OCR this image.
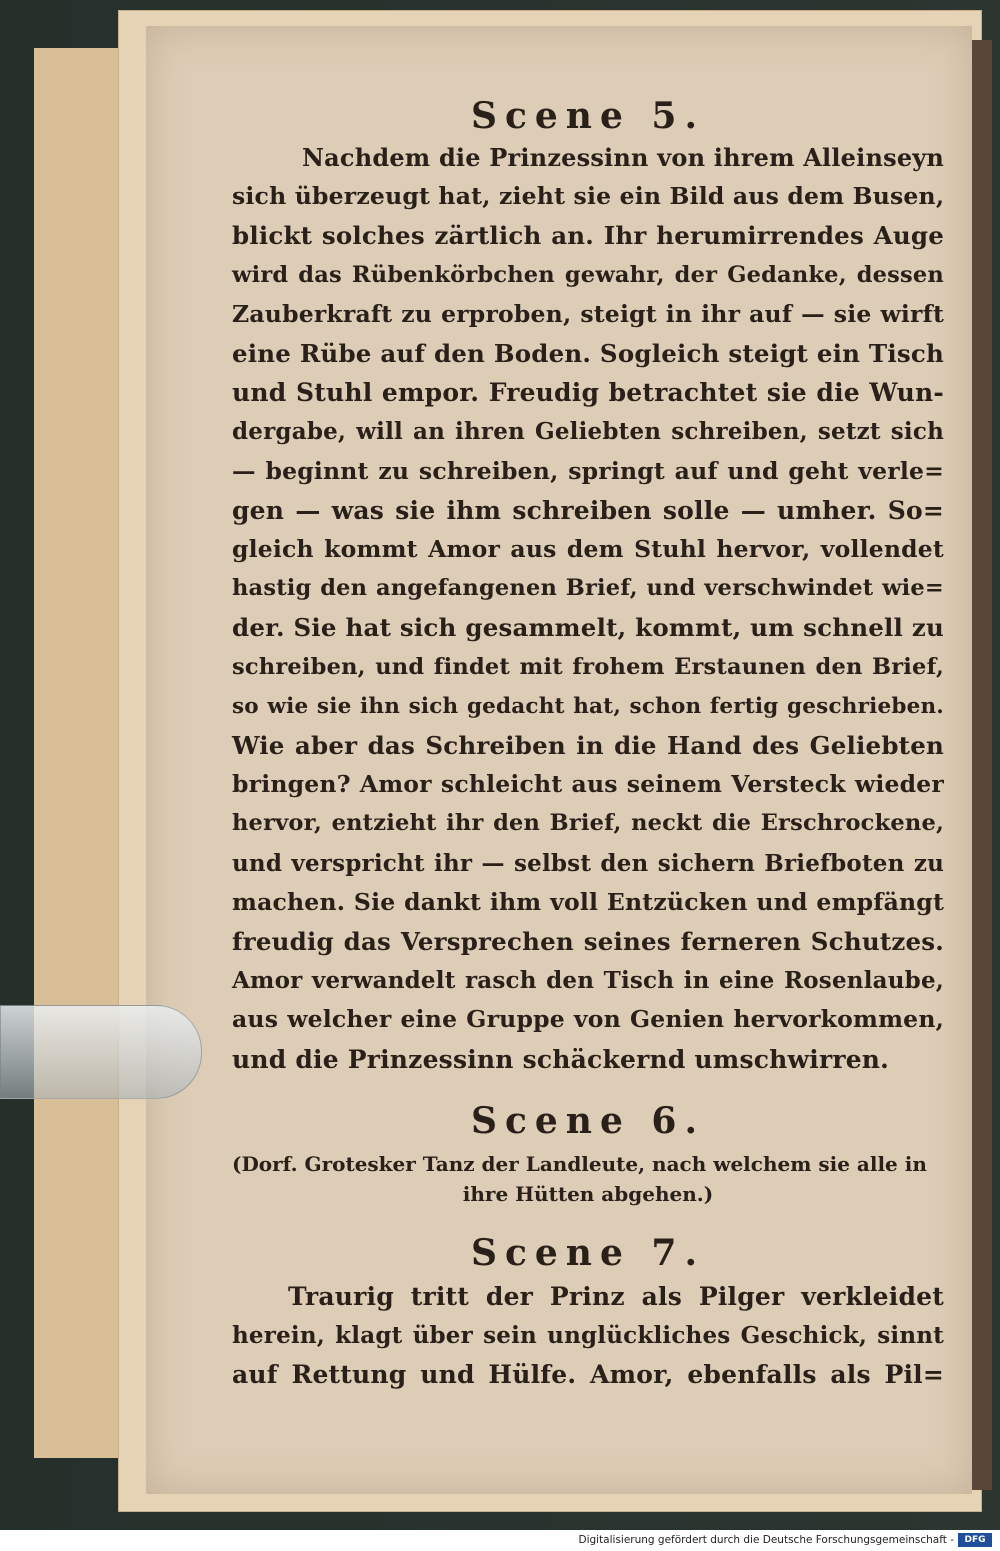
Scene 5.

Nachdem die Prinzessinn von ihrem Alleinseyn

sich überzeugt hat, zieht sie ein Bild aus dem Busen,

blickt solches zärtlich an. Ihr herumirrendes Auge

wird das Rübenkörbchen gewahr, der Gedanke, dessen

Zauberkraft zu erproben, steigt in ihr auf — sie wirft

eine Rübe auf den Boden. Sogleich steigt ein Tisch

und Stuhl empor. Freudig betrachtet sie die Wun-

dergabe, will an ihren Geliebten schreiben, setzt sich

— beginnt zu schreiben, springt auf und geht verle=

gen — was sie ihm schreiben solle — umher. So=

gleich kommt Amor aus dem Stuhl hervor, vollendet

hastig den angefangenen Brief, und verschwindet wie=

der. Sie hat sich gesammelt, kommt, um schnell zu

schreiben, und findet mit frohem Erstaunen den Brief,

so wie sie ihn sich gedacht hat, schon fertig geschrieben.

Wie aber das Schreiben in die Hand des Geliebten

bringen? Amor schleicht aus seinem Versteck wieder

hervor, entzieht ihr den Brief, neckt die Erschrockene,

und verspricht ihr — selbst den sichern Briefboten zu

machen. Sie dankt ihm voll Entzücken und empfängt

freudig das Versprechen seines ferneren Schutzes.

Amor verwandelt rasch den Tisch in eine Rosenlaube,

aus welcher eine Gruppe von Genien hervorkommen,

und die Prinzessinn schäckernd umschwirren.

Scene 6.

(Dorf. Grotesker Tanz der Landleute, nach welchem sie alle in

ihre Hütten abgehen.)

Scene 7.

Traurig tritt der Prinz als Pilger verkleidet

herein, klagt über sein unglückliches Geschick, sinnt

auf Rettung und Hülfe. Amor, ebenfalls als Pil=

Digitalisierung gefördert durch die Deutsche Forschungsgemeinschaft -	DFG
